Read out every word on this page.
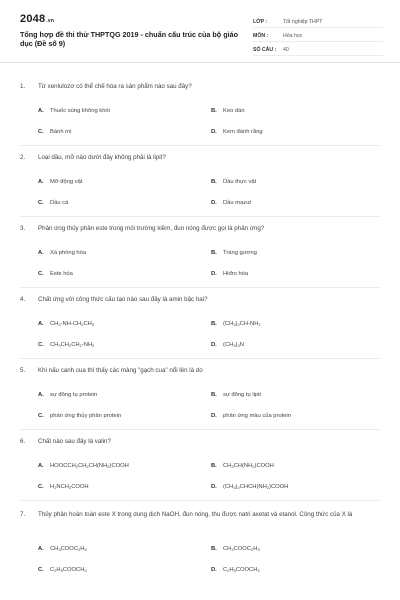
2048.vn
Tổng hợp đề thi thử THPTQG 2019 - chuẩn cấu trúc của bộ giáo dục (Đề số 9)
LỚP :	Tốt nghiệp THPT
MÔN :	Hóa học
SỐ CÂU :	40
1.	Từ xenlulozơ có thể chế hóa ra sản phẩm nào sau đây?
A. Thuốc súng không khói	B. Keo dán
C. Bánh mì	D. Kem đánh răng
2.	Loại dầu, mỡ nào dưới đây không phải là lipit?
A. Mỡ động vật	B. Dầu thực vật
C. Dầu cá	D. Dầu mazut
3.	Phản ứng thủy phân este trong môi trường kiềm, đun nóng được gọi là phản ứng?
A. Xà phòng hóa	B. Tráng gương
C. Este hóa	D. Hiđro hóa
4.	Chất ứng với công thức cấu tạo nào sau đây là amin bậc hai?
A. CH3-NH-CH2CH3	B. (CH3)2CH-NH2
C. CH3CH2CH2-NH2	D. (CH3)3N
5.	Khi nấu canh cua thì thấy các mảng "gạch cua" nổi lên là do
A. sự đông tụ protein	B. sự đông tụ lipit
C. phản ứng thủy phân protein	D. phản ứng màu của protein
6.	Chất nào sau đây là valin?
A. HOOCCH2CH2CH(NH2)COOH	B. CH3CH(NH2)COOH
C. H2NCH2COOH	D. (CH3)2CHCH(NH2)COOH
7.	Thủy phân hoàn toàn este X trong dung dịch NaOH, đun nóng, thu được natri axetat và etanol. Công thức của X là
A. CH3COOC2H5	B. CH3COOC2H3
C. C2H5COOCH3	D. C2H5COOCH3
